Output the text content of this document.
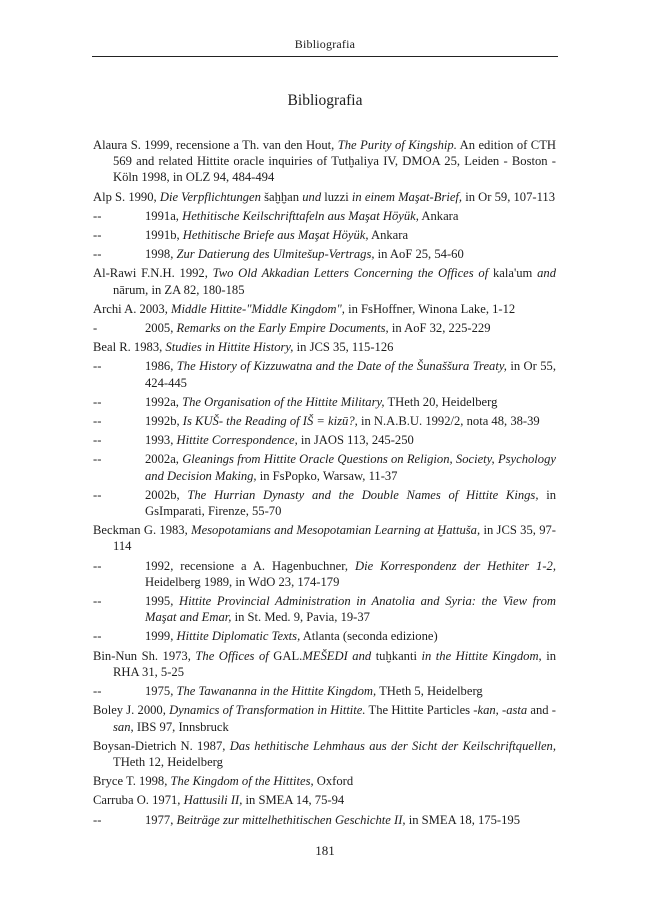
Bibliografia
Bibliografia
Alaura S. 1999, recensione a Th. van den Hout, The Purity of Kingship. An edition of CTH 569 and related Hittite oracle inquiries of Tutḫaliya IV, DMOA 25, Leiden - Boston - Köln 1998, in OLZ 94, 484-494
Alp S. 1990, Die Verpflichtungen šaḫḫan und luzzi in einem Maşat-Brief, in Or 59, 107-113
--	1991a, Hethitische Keilschrifttafeln aus Maşat Höyük, Ankara
--	1991b, Hethitische Briefe aus Maşat Höyük, Ankara
--	1998, Zur Datierung des Ulmitešup-Vertrags, in AoF 25, 54-60
Al-Rawi F.N.H. 1992, Two Old Akkadian Letters Concerning the Offices of kala'um and nārum, in ZA 82, 180-185
Archi A. 2003, Middle Hittite-"Middle Kingdom", in FsHoffner, Winona Lake, 1-12
-	2005, Remarks on the Early Empire Documents, in AoF 32, 225-229
Beal R. 1983, Studies in Hittite History, in JCS 35, 115-126
--	1986, The History of Kizzuwatna and the Date of the Šunaššura Treaty, in Or 55, 424-445
--	1992a, The Organisation of the Hittite Military, THeth 20, Heidelberg
--	1992b, Is KUŠ- the Reading of IŠ = kizū?, in N.A.B.U. 1992/2, nota 48, 38-39
--	1993, Hittite Correspondence, in JAOS 113, 245-250
--	2002a, Gleanings from Hittite Oracle Questions on Religion, Society, Psychology and Decision Making, in FsPopko, Warsaw, 11-37
--	2002b, The Hurrian Dynasty and the Double Names of Hittite Kings, in GsImparati, Firenze, 55-70
Beckman G. 1983, Mesopotamians and Mesopotamian Learning at Ḫattuša, in JCS 35, 97-114
--	1992, recensione a A. Hagenbuchner, Die Korrespondenz der Hethiter 1-2, Heidelberg 1989, in WdO 23, 174-179
--	1995, Hittite Provincial Administration in Anatolia and Syria: the View from Maşat and Emar, in St. Med. 9, Pavia, 19-37
--	1999, Hittite Diplomatic Texts, Atlanta (seconda edizione)
Bin-Nun Sh. 1973, The Offices of GAL.MEŠEDI and tuḫkanti in the Hittite Kingdom, in RHA 31, 5-25
--	1975, The Tawananna in the Hittite Kingdom, THeth 5, Heidelberg
Boley J. 2000, Dynamics of Transformation in Hittite. The Hittite Particles -kan, -asta and -san, IBS 97, Innsbruck
Boysan-Dietrich N. 1987, Das hethitische Lehmhaus aus der Sicht der Keilschriftquellen, THeth 12, Heidelberg
Bryce T. 1998, The Kingdom of the Hittites, Oxford
Carruba O. 1971, Hattusili II, in SMEA 14, 75-94
--	1977, Beiträge zur mittelhethitischen Geschichte II, in SMEA 18, 175-195
181
